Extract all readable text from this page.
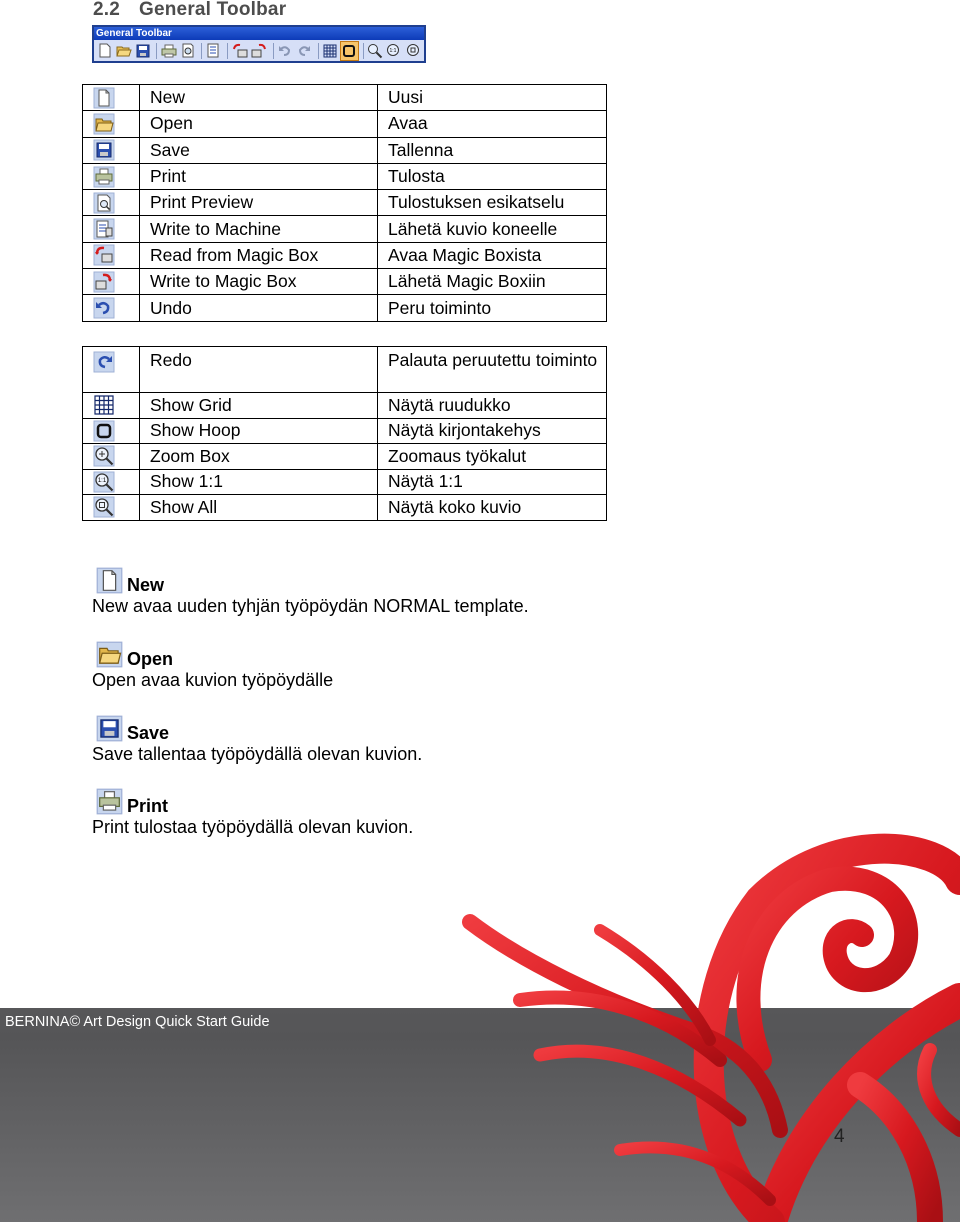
2.2 General Toolbar
General Toolbar
1:1
	New	Uusi

	Open	Avaa

	Save	Tallenna

	Print	Tulosta

	Print Preview	Tulostuksen esikatselu

	Write to Machine	Lähetä kuvio koneelle

	Read from Magic Box	Avaa Magic Boxista

	Write to Magic Box	Lähetä Magic Boxiin

	Undo	Peru toiminto
	Redo	Palauta peruutettu toiminto

	Show Grid	Näytä ruudukko

	Show Hoop	Näytä kirjontakehys

	Zoom Box	Zoomaus työkalut

1:1	Show 1:1	Näytä 1:1

	Show All	Näytä koko kuvio
New
New avaa uuden tyhjän työpöydän NORMAL template.
Open
Open avaa kuvion työpöydälle
Save
Save tallentaa työpöydällä olevan kuvion.
Print
Print tulostaa työpöydällä olevan kuvion.
BERNINA© Art Design Quick Start Guide
4
